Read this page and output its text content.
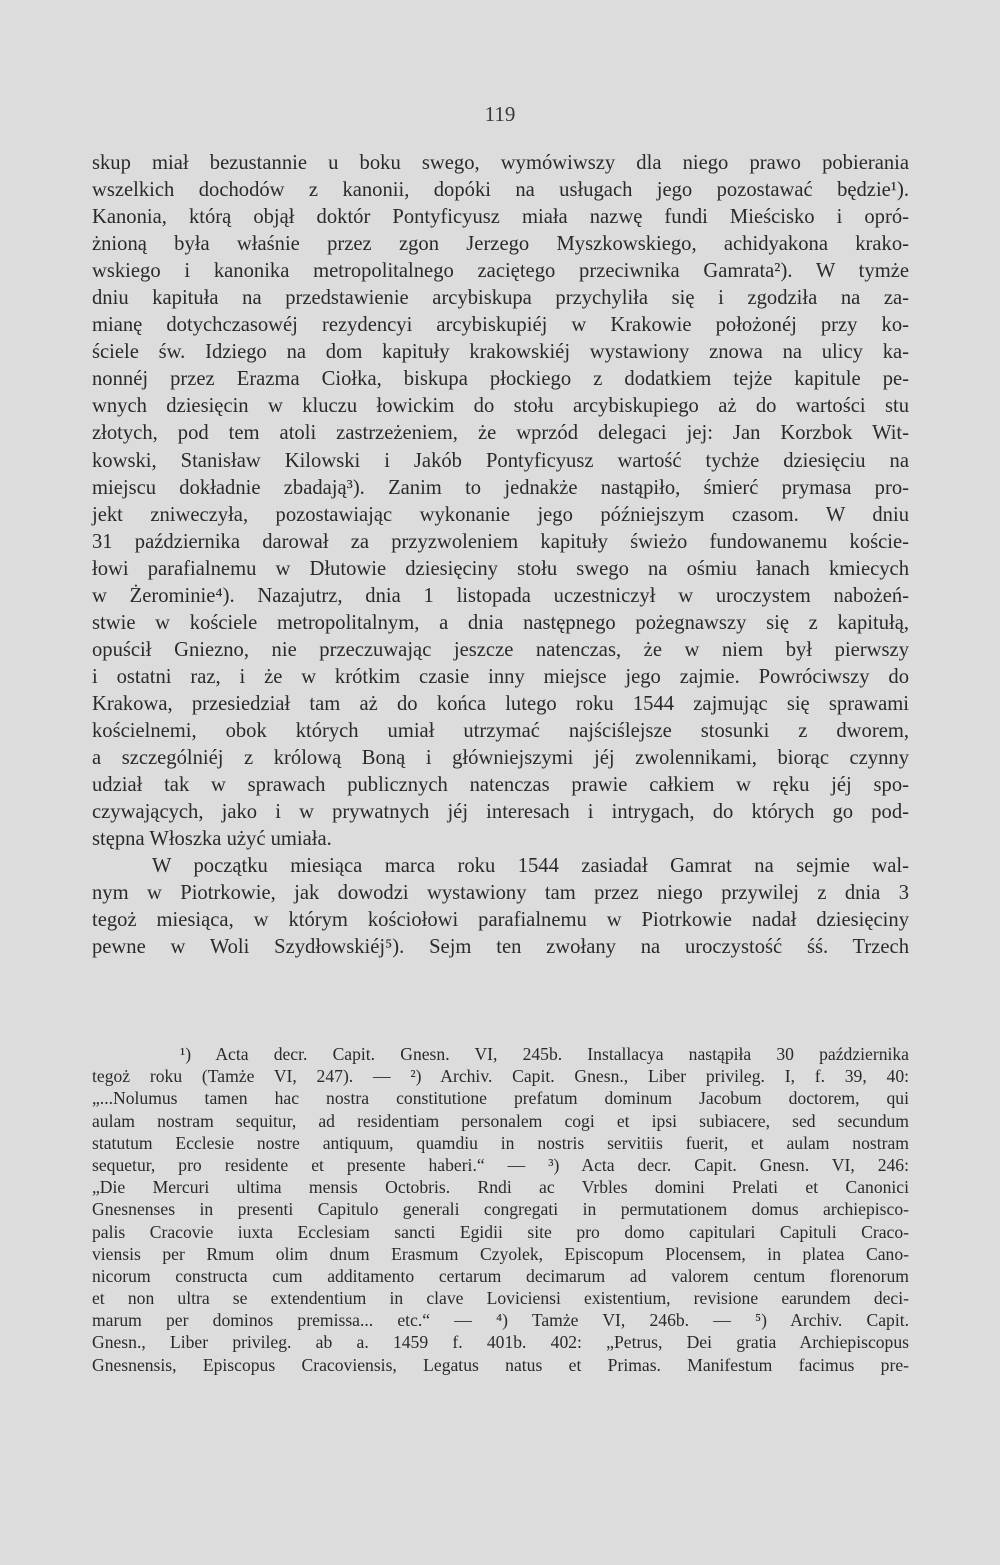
119
skup miał bezustannie u boku swego, wymówiwszy dla niego prawo pobierania
wszelkich dochodów z kanonii, dopóki na usługach jego pozostawać będzie¹).
Kanonia, którą objął doktór Pontyficyusz miała nazwę fundi Mieścisko i opró-
żnioną była właśnie przez zgon Jerzego Myszkowskiego, achidyakona krako-
wskiego i kanonika metropolitalnego zaciętego przeciwnika Gamrata²). W tymże
dniu kapituła na przedstawienie arcybiskupa przychyliła się i zgodziła na za-
mianę dotychczasowéj rezydencyi arcybiskupiéj w Krakowie położonéj przy ko-
ściele św. Idziego na dom kapituły krakowskiéj wystawiony znowa na ulicy ka-
nonnéj przez Erazma Ciołka, biskupa płockiego z dodatkiem tejże kapitule pe-
wnych dziesięcin w kluczu łowickim do stołu arcybiskupiego aż do wartości stu
złotych, pod tem atoli zastrzeżeniem, że wprzód delegaci jej: Jan Korzbok Wit-
kowski, Stanisław Kilowski i Jakób Pontyficyusz wartość tychże dziesięciu na
miejscu dokładnie zbadają³). Zanim to jednakże nastąpiło, śmierć prymasa pro-
jekt zniweczyła, pozostawiając wykonanie jego późniejszym czasom. W dniu
31 października darował za przyzwoleniem kapituły świeżo fundowanemu koście-
łowi parafialnemu w Dłutowie dziesięciny stołu swego na ośmiu łanach kmiecych
w Żerominie⁴). Nazajutrz, dnia 1 listopada uczestniczył w uroczystem nabożeń-
stwie w kościele metropolitalnym, a dnia następnego pożegnawszy się z kapitułą,
opuścił Gniezno, nie przeczuwając jeszcze natenczas, że w niem był pierwszy
i ostatni raz, i że w krótkim czasie inny miejsce jego zajmie. Powróciwszy do
Krakowa, przesiedział tam aż do końca lutego roku 1544 zajmując się sprawami
kościelnemi, obok których umiał utrzymać najściślejsze stosunki z dworem,
a szczególniéj z królową Boną i główniejszymi jéj zwolennikami, biorąc czynny
udział tak w sprawach publicznych natenczas prawie całkiem w ręku jéj spo-
czywających, jako i w prywatnych jéj interesach i intrygach, do których go pod-
stępna Włoszka użyć umiała.
W początku miesiąca marca roku 1544 zasiadał Gamrat na sejmie wal-
nym w Piotrkowie, jak dowodzi wystawiony tam przez niego przywilej z dnia 3
tegoż miesiąca, w którym kościołowi parafialnemu w Piotrkowie nadał dziesięciny
pewne w Woli Szydłowskiéj⁵). Sejm ten zwołany na uroczystość śś. Trzech
¹) Acta decr. Capit. Gnesn. VI, 245b. Installacya nastąpiła 30 października
tegoż roku (Tamże VI, 247). — ²) Archiv. Capit. Gnesn., Liber privileg. I, f. 39, 40:
„...Nolumus tamen hac nostra constitutione prefatum dominum Jacobum doctorem, qui
aulam nostram sequitur, ad residentiam personalem cogi et ipsi subiacere, sed secundum
statutum Ecclesie nostre antiquum, quamdiu in nostris servitiis fuerit, et aulam nostram
sequetur, pro residente et presente haberi.“ — ³) Acta decr. Capit. Gnesn. VI, 246:
„Die Mercuri ultima mensis Octobris. Rndi ac Vrbles domini Prelati et Canonici
Gnesnenses in presenti Capitulo generali congregati in permutationem domus archiepisco-
palis Cracovie iuxta Ecclesiam sancti Egidii site pro domo capitulari Capituli Craco-
viensis per Rmum olim dnum Erasmum Czyolek, Episcopum Plocensem, in platea Cano-
nicorum constructa cum additamento certarum decimarum ad valorem centum florenorum
et non ultra se extendentium in clave Loviciensi existentium, revisione earundem deci-
marum per dominos premissa... etc.“ — ⁴) Tamże VI, 246b. — ⁵) Archiv. Capit.
Gnesn., Liber privileg. ab a. 1459 f. 401b. 402: „Petrus, Dei gratia Archiepiscopus
Gnesnensis, Episcopus Cracoviensis, Legatus natus et Primas. Manifestum facimus pre-
